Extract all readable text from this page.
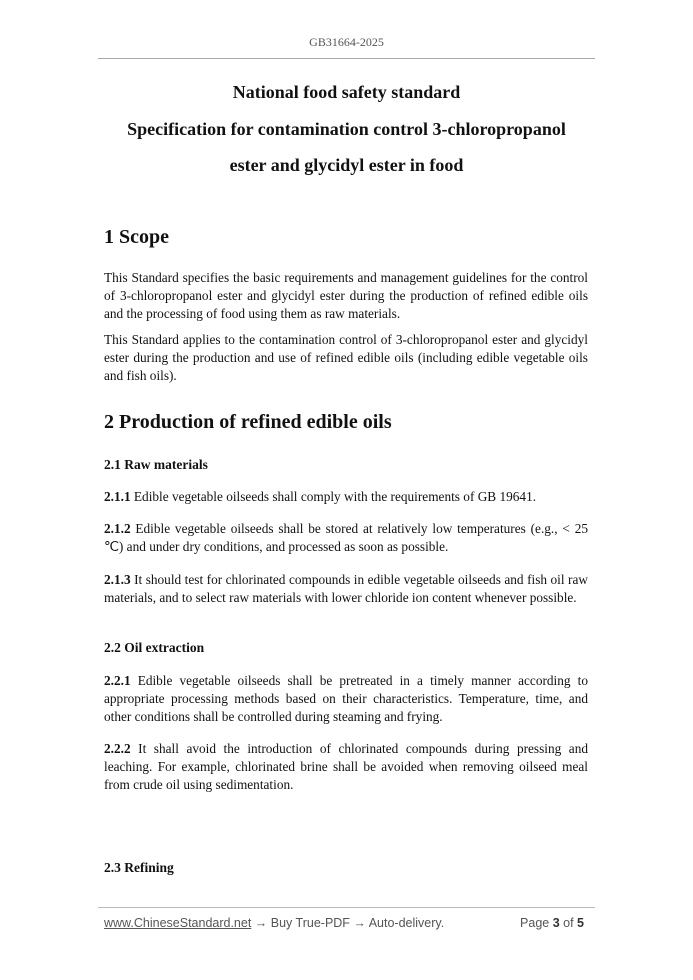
GB31664-2025
National food safety standard
Specification for contamination control 3-chloropropanol
ester and glycidyl ester in food
1 Scope
This Standard specifies the basic requirements and management guidelines for the control of 3-chloropropanol ester and glycidyl ester during the production of refined edible oils and the processing of food using them as raw materials.
This Standard applies to the contamination control of 3-chloropropanol ester and glycidyl ester during the production and use of refined edible oils (including edible vegetable oils and fish oils).
2 Production of refined edible oils
2.1 Raw materials
2.1.1 Edible vegetable oilseeds shall comply with the requirements of GB 19641.
2.1.2 Edible vegetable oilseeds shall be stored at relatively low temperatures (e.g., < 25 ℃) and under dry conditions, and processed as soon as possible.
2.1.3 It should test for chlorinated compounds in edible vegetable oilseeds and fish oil raw materials, and to select raw materials with lower chloride ion content whenever possible.
2.2 Oil extraction
2.2.1 Edible vegetable oilseeds shall be pretreated in a timely manner according to appropriate processing methods based on their characteristics. Temperature, time, and other conditions shall be controlled during steaming and frying.
2.2.2 It shall avoid the introduction of chlorinated compounds during pressing and leaching. For example, chlorinated brine shall be avoided when removing oilseed meal from crude oil using sedimentation.
2.3 Refining
www.ChineseStandard.net → Buy True-PDF → Auto-delivery.	Page 3 of 5
